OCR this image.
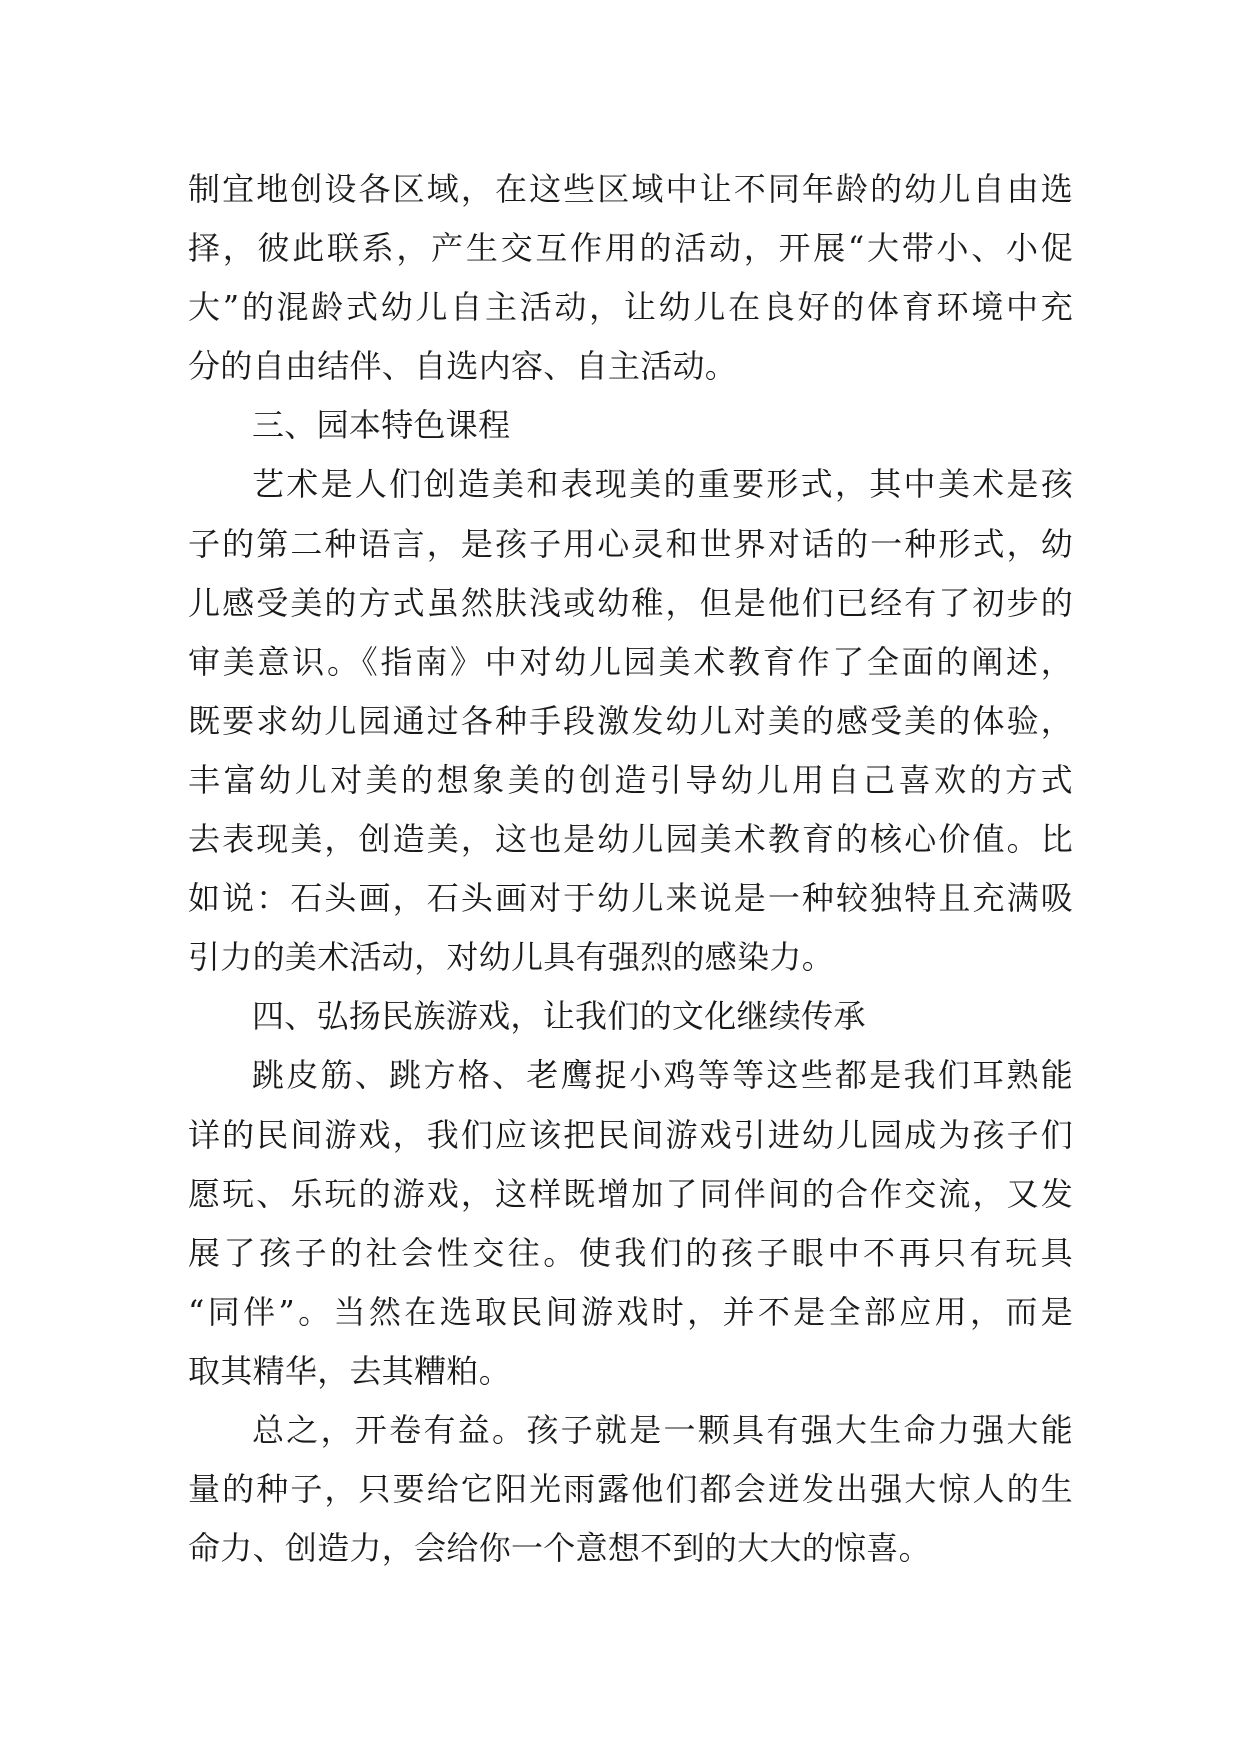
制宜地创设各区域，在这些区域中让不同年龄的幼儿自由选
择，彼此联系，产生交互作用的活动，开展“大带小、小促
大”的混龄式幼儿自主活动，让幼儿在良好的体育环境中充
分的自由结伴、自选内容、自主活动。
三、园本特色课程
艺术是人们创造美和表现美的重要形式，其中美术是孩
子的第二种语言，是孩子用心灵和世界对话的一种形式，幼
儿感受美的方式虽然肤浅或幼稚，但是他们已经有了初步的
审美意识。《指南》中对幼儿园美术教育作了全面的阐述，
既要求幼儿园通过各种手段激发幼儿对美的感受美的体验，
丰富幼儿对美的想象美的创造引导幼儿用自己喜欢的方式
去表现美，创造美，这也是幼儿园美术教育的核心价值。比
如说：石头画，石头画对于幼儿来说是一种较独特且充满吸
引力的美术活动，对幼儿具有强烈的感染力。
四、弘扬民族游戏，让我们的文化继续传承
跳皮筋、跳方格、老鹰捉小鸡等等这些都是我们耳熟能
详的民间游戏，我们应该把民间游戏引进幼儿园成为孩子们
愿玩、乐玩的游戏，这样既增加了同伴间的合作交流，又发
展了孩子的社会性交往。使我们的孩子眼中不再只有玩具
“同伴”。当然在选取民间游戏时，并不是全部应用，而是
取其精华，去其糟粕。
总之，开卷有益。孩子就是一颗具有强大生命力强大能
量的种子，只要给它阳光雨露他们都会迸发出强大惊人的生
命力、创造力，会给你一个意想不到的大大的惊喜。
